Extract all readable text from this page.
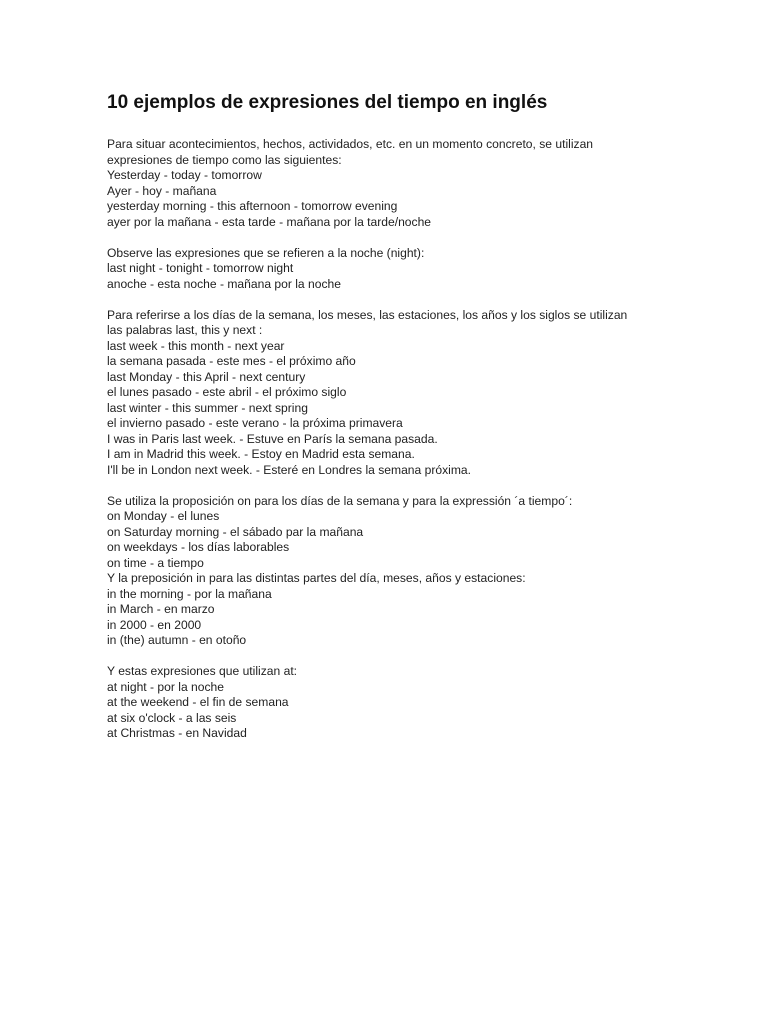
10 ejemplos de expresiones del tiempo en inglés
Para situar acontecimientos, hechos, actividados, etc. en un momento concreto, se utilizan
expresiones de tiempo como las siguientes:
Yesterday - today - tomorrow
Ayer - hoy - mañana
yesterday morning - this afternoon - tomorrow evening
ayer por la mañana - esta tarde - mañana por la tarde/noche
Observe las expresiones que se refieren a la noche (night):
last night - tonight - tomorrow night
anoche - esta noche - mañana por la noche
Para referirse a los días de la semana, los meses, las estaciones, los años y los siglos se utilizan
las palabras last, this y next :
last week - this month - next year
la semana pasada - este mes - el próximo año
last Monday - this April - next century
el lunes pasado - este abril - el próximo siglo
last winter - this summer - next spring
el invierno pasado - este verano - la próxima primavera
I was in Paris last week. - Estuve en París la semana pasada.
I am in Madrid this week. - Estoy en Madrid esta semana.
I'll be in London next week. - Esteré en Londres la semana próxima.
Se utiliza la proposición on para los días de la semana y para la expressión ´a tiempo´:
on Monday - el lunes
on Saturday morning - el sábado par la mañana
on weekdays - los días laborables
on time - a tiempo
Y la preposición in para las distintas partes del día, meses, años y estaciones:
in the morning - por la mañana
in March - en marzo
in 2000 - en 2000
in (the) autumn - en otoño
Y estas expresiones que utilizan at:
at night - por la noche
at the weekend - el fin de semana
at six o'clock - a las seis
at Christmas - en Navidad
